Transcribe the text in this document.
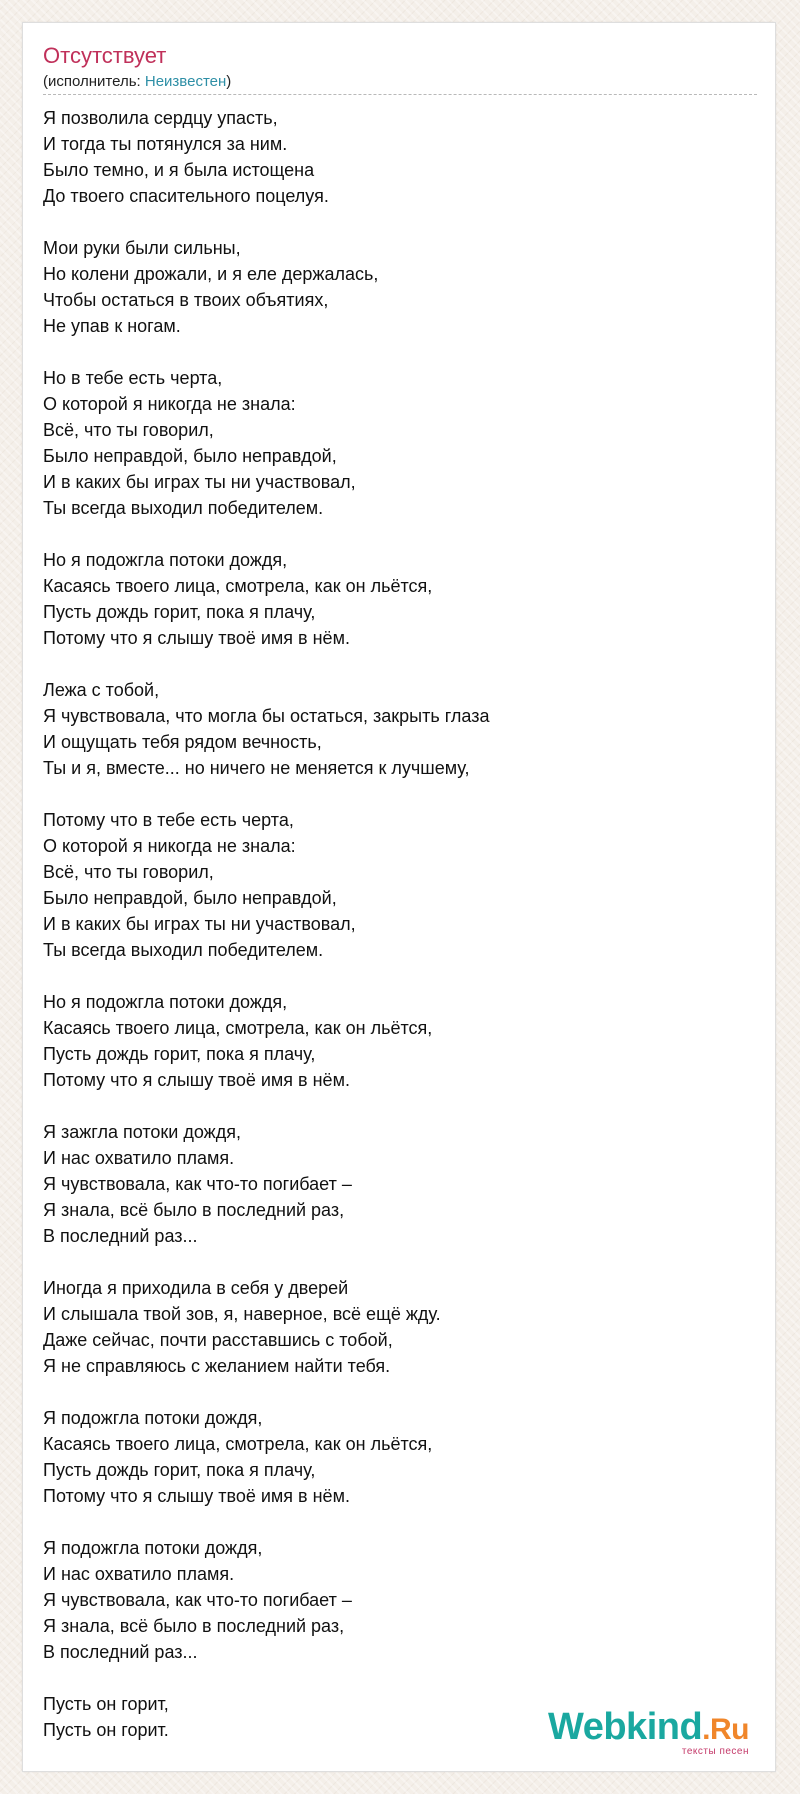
Отсутствует
(исполнитель: Неизвестен)
Я позволила сердцу упасть,
И тогда ты потянулся за ним.
Было темно, и я была истощена
До твоего спасительного поцелуя.
Мои руки были сильны,
Но колени дрожали, и я еле держалась,
Чтобы остаться в твоих объятиях,
Не упав к ногам.
Но в тебе есть черта,
О которой я никогда не знала:
Всё, что ты говорил,
Было неправдой, было неправдой,
И в каких бы играх ты ни участвовал,
Ты всегда выходил победителем.
Но я подожгла потоки дождя,
Касаясь твоего лица, смотрела, как он льётся,
Пусть дождь горит, пока я плачу,
Потому что я слышу твоё имя в нём.
Лежа с тобой,
Я чувствовала, что могла бы остаться, закрыть глаза
И ощущать тебя рядом вечность,
Ты и я, вместе... но ничего не меняется к лучшему,
Потому что в тебе есть черта,
О которой я никогда не знала:
Всё, что ты говорил,
Было неправдой, было неправдой,
И в каких бы играх ты ни участвовал,
Ты всегда выходил победителем.
Но я подожгла потоки дождя,
Касаясь твоего лица, смотрела, как он льётся,
Пусть дождь горит, пока я плачу,
Потому что я слышу твоё имя в нём.
Я зажгла потоки дождя,
И нас охватило пламя.
Я чувствовала, как что-то погибает –
Я знала, всё было в последний раз,
В последний раз...
Иногда я приходила в себя у дверей
И слышала твой зов, я, наверное, всё ещё жду.
Даже сейчас, почти расставшись с тобой,
Я не справляюсь с желанием найти тебя.
Я подожгла потоки дождя,
Касаясь твоего лица, смотрела, как он льётся,
Пусть дождь горит, пока я плачу,
Потому что я слышу твоё имя в нём.
Я подожгла потоки дождя,
И нас охватило пламя.
Я чувствовала, как что-то погибает –
Я знала, всё было в последний раз,
В последний раз...
Пусть он горит,
Пусть он горит.	Webkind.Ru
тексты песен
